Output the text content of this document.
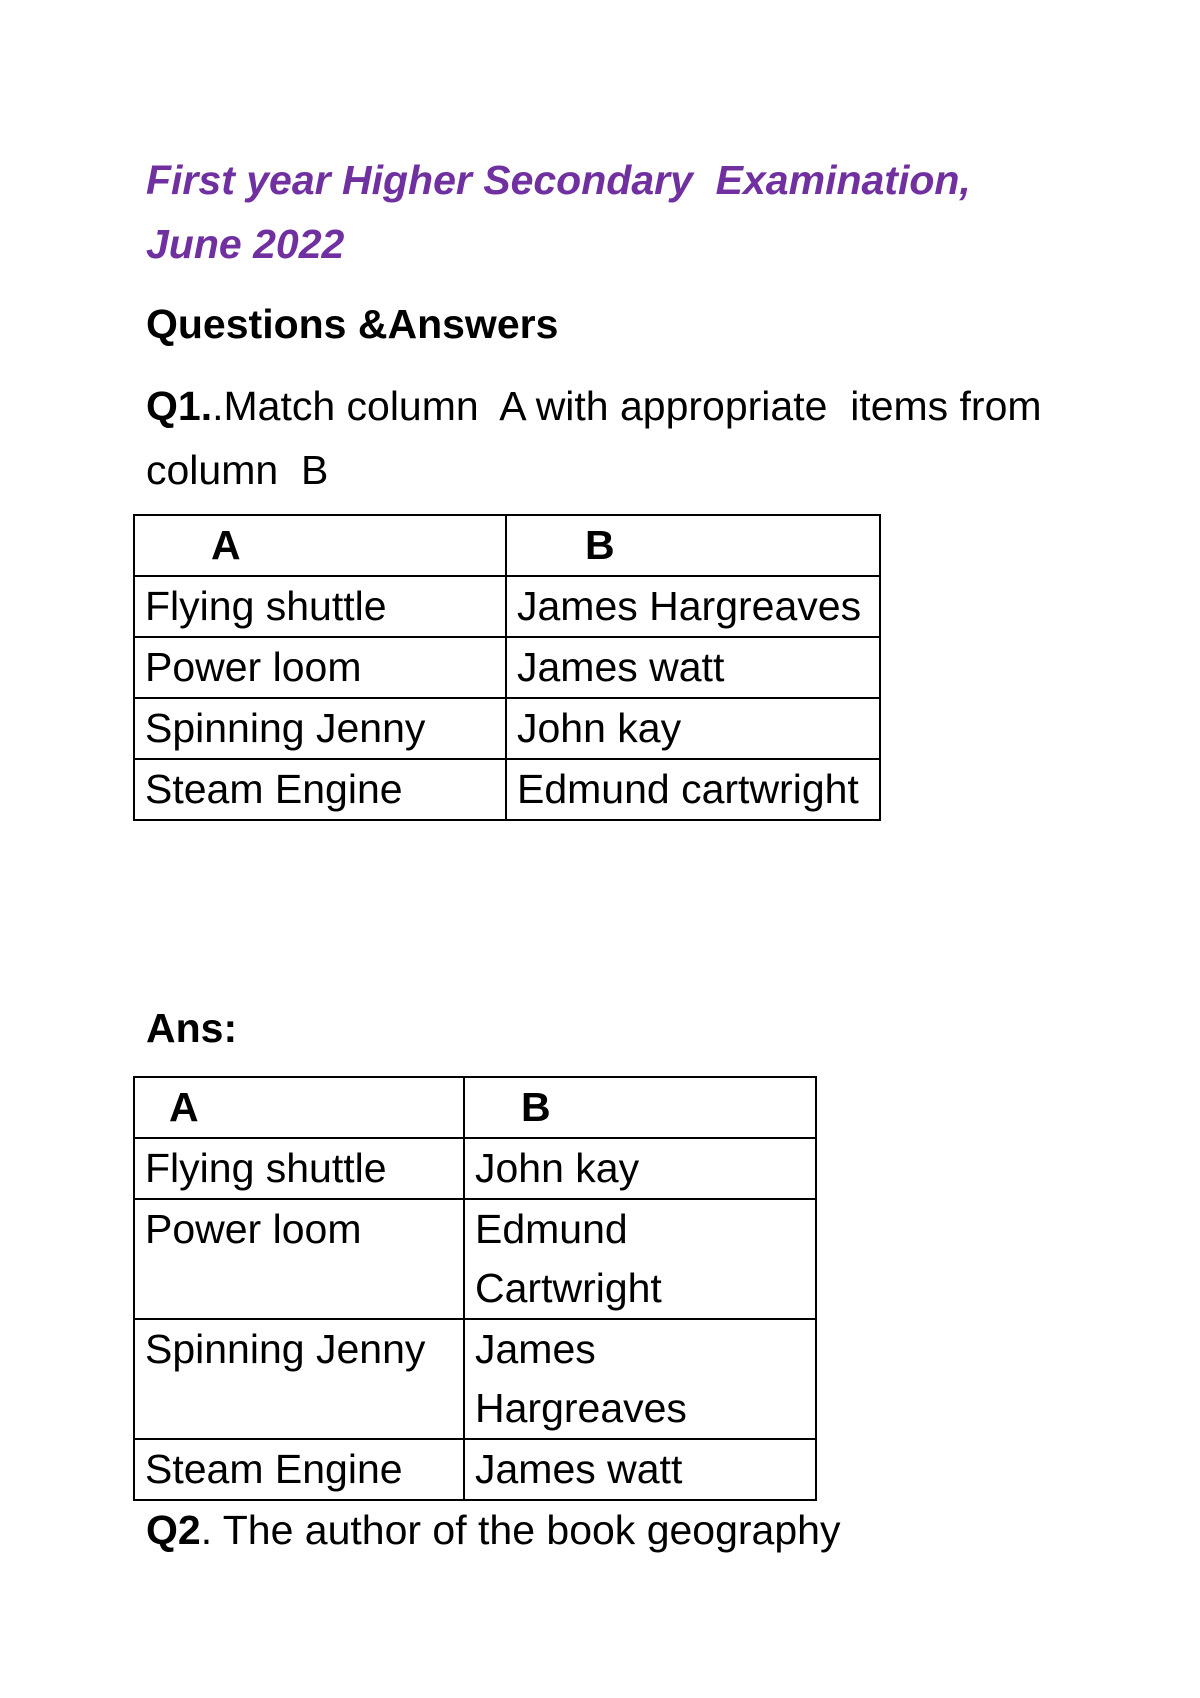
First year Higher Secondary  Examination, June 2022
Questions &Answers
Q1..Match column  A with appropriate  items from column  B
A	B
Flying shuttle	James Hargreaves
Power loom	James watt
Spinning Jenny	John kay
Steam Engine	Edmund cartwright
Ans:
A	B
Flying shuttle	John kay
Power loom	Edmund Cartwright
Spinning Jenny	James Hargreaves
Steam Engine	James watt
Q2. The author of the book geography
